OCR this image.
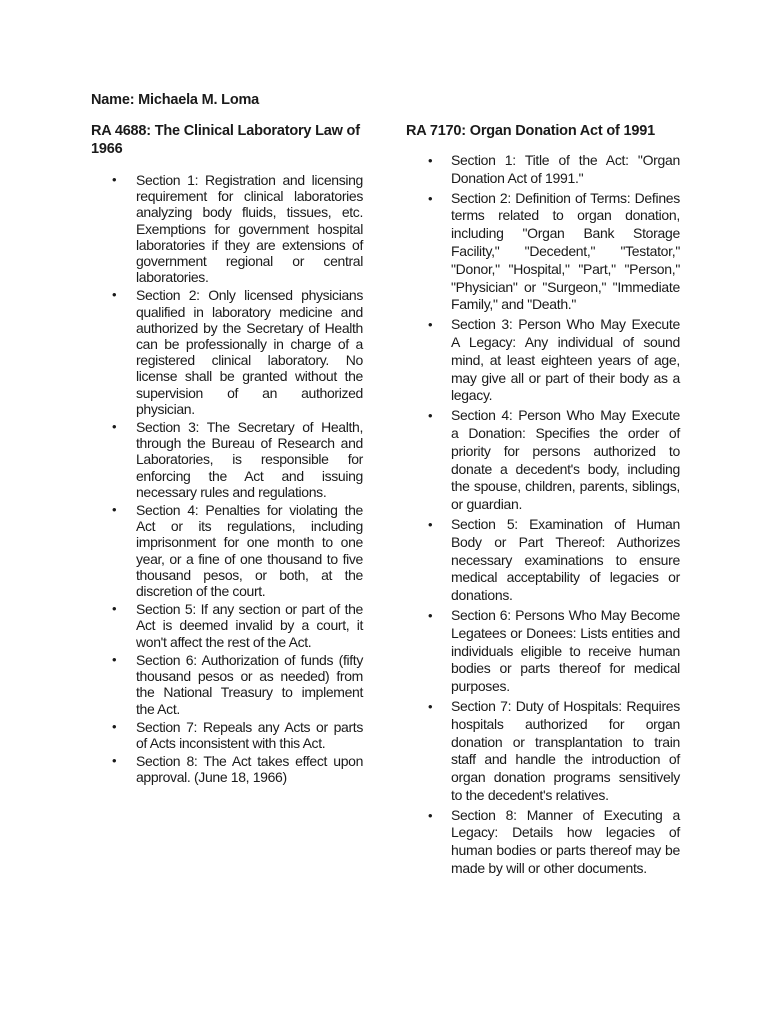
Name: Michaela M. Loma
RA 4688: The Clinical Laboratory Law of 1966
• Section 1: Registration and licensing requirement for clinical laboratories analyzing body fluids, tissues, etc. Exemptions for government hospital laboratories if they are extensions of government regional or central laboratories.
• Section 2: Only licensed physicians qualified in laboratory medicine and authorized by the Secretary of Health can be professionally in charge of a registered clinical laboratory. No license shall be granted without the supervision of an authorized physician.
• Section 3: The Secretary of Health, through the Bureau of Research and Laboratories, is responsible for enforcing the Act and issuing necessary rules and regulations.
• Section 4: Penalties for violating the Act or its regulations, including imprisonment for one month to one year, or a fine of one thousand to five thousand pesos, or both, at the discretion of the court.
• Section 5: If any section or part of the Act is deemed invalid by a court, it won't affect the rest of the Act.
• Section 6: Authorization of funds (fifty thousand pesos or as needed) from the National Treasury to implement the Act.
• Section 7: Repeals any Acts or parts of Acts inconsistent with this Act.
• Section 8: The Act takes effect upon approval. (June 18, 1966)
RA 7170: Organ Donation Act of 1991
• Section 1: Title of the Act: "Organ Donation Act of 1991."
• Section 2: Definition of Terms: Defines terms related to organ donation, including "Organ Bank Storage Facility," "Decedent," "Testator," "Donor," "Hospital," "Part," "Person," "Physician" or "Surgeon," "Immediate Family," and "Death."
• Section 3: Person Who May Execute A Legacy: Any individual of sound mind, at least eighteen years of age, may give all or part of their body as a legacy.
• Section 4: Person Who May Execute a Donation: Specifies the order of priority for persons authorized to donate a decedent's body, including the spouse, children, parents, siblings, or guardian.
• Section 5: Examination of Human Body or Part Thereof: Authorizes necessary examinations to ensure medical acceptability of legacies or donations.
• Section 6: Persons Who May Become Legatees or Donees: Lists entities and individuals eligible to receive human bodies or parts thereof for medical purposes.
• Section 7: Duty of Hospitals: Requires hospitals authorized for organ donation or transplantation to train staff and handle the introduction of organ donation programs sensitively to the decedent's relatives.
• Section 8: Manner of Executing a Legacy: Details how legacies of human bodies or parts thereof may be made by will or other documents.
